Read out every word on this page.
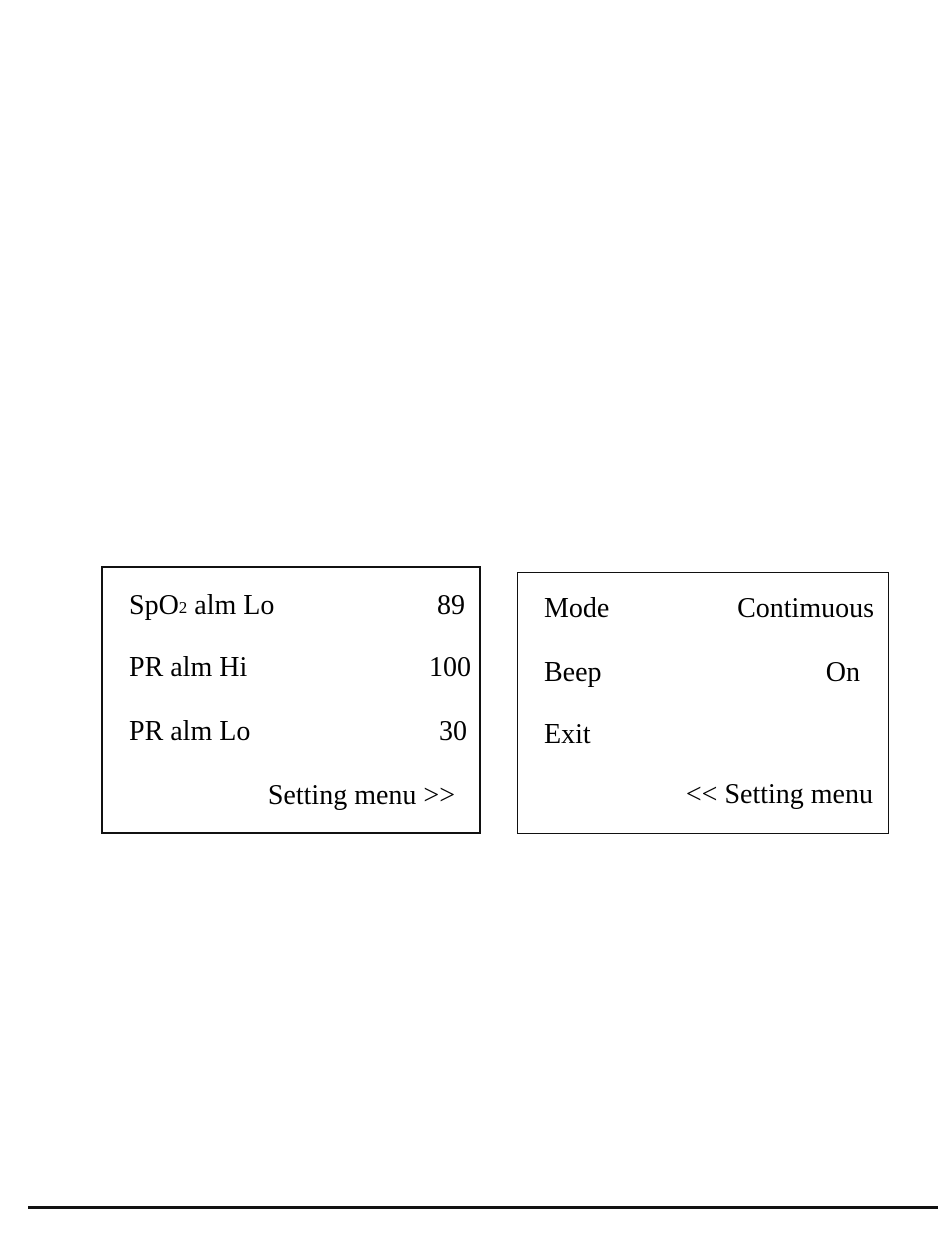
SpO$_2$ alm Lo	89
PR alm Hi	100
PR alm Lo	30
Setting menu >>
Mode	Contimuous
Beep	On
Exit
<< Setting menu
